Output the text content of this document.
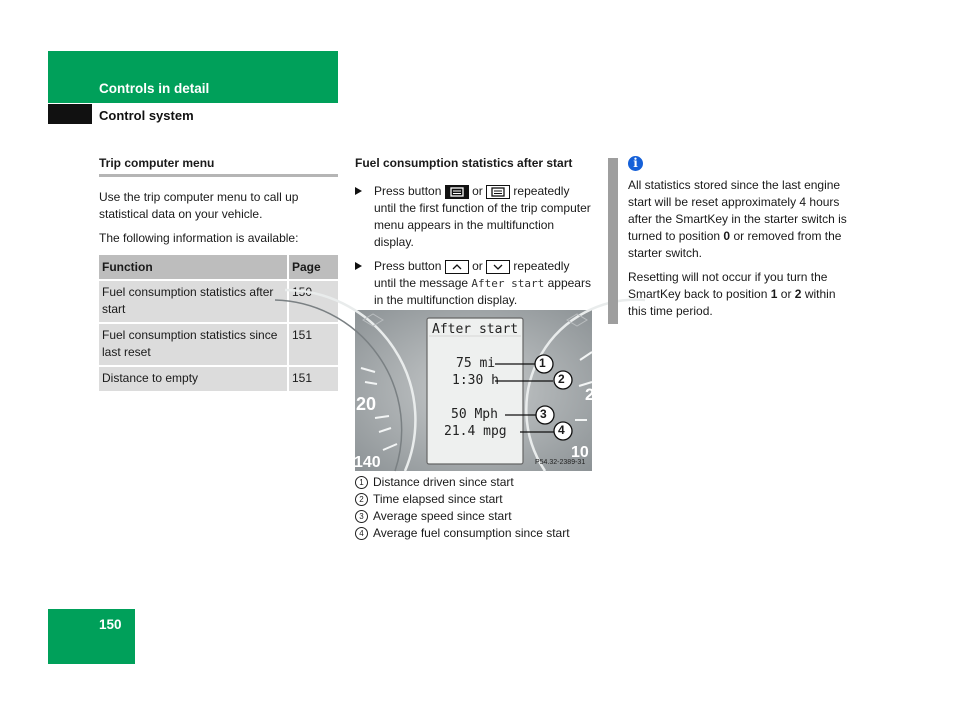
Controls in detail
Control system
Trip computer menu

Use the trip computer menu to call up statistical data on your vehicle.

The following information is available:

Function	Page
Fuel consumption statistics after start	150
Fuel consumption statistics since last reset	151
Distance to empty	151
Fuel consumption statistics after start
Press button	or	repeatedly until the first function of the trip computer menu appears in the multifunction display.
Press button	or	repeatedly until the message After start appears in the multifunction display.
20
140
10
2
After start
75 mi
1:30 h
50 Mph
21.4 mpg
1
2
3
4
P54.32-2389-31
1 Distance driven since start
2 Time elapsed since start
3 Average speed since start
4 Average fuel consumption since start
i

All statistics stored since the last engine start will be reset approximately 4 hours after the SmartKey in the starter switch is turned to position 0 or removed from the starter switch.

Resetting will not occur if you turn the SmartKey back to position 1 or 2 within this time period.

150
